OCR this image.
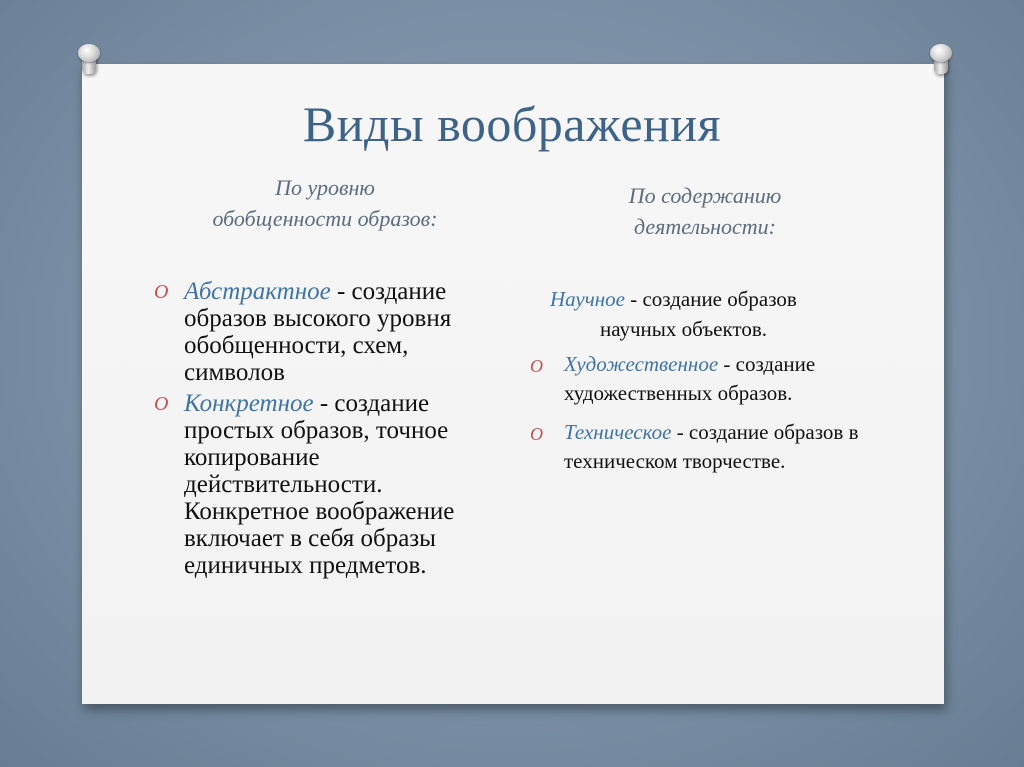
Виды воображения
По уровню
обобщенности образов:
По содержанию
деятельности:
O Абстрактное - создание образов высокого уровня обобщенности, схем, символов
O Конкретное - создание простых образов, точное копирование действительности. Конкретное воображение включает в себя образы единичных предметов.
Научное - создание образов
научных объектов.
O Художественное - создание художественных образов.
O Техническое - создание образов в техническом творчестве.
